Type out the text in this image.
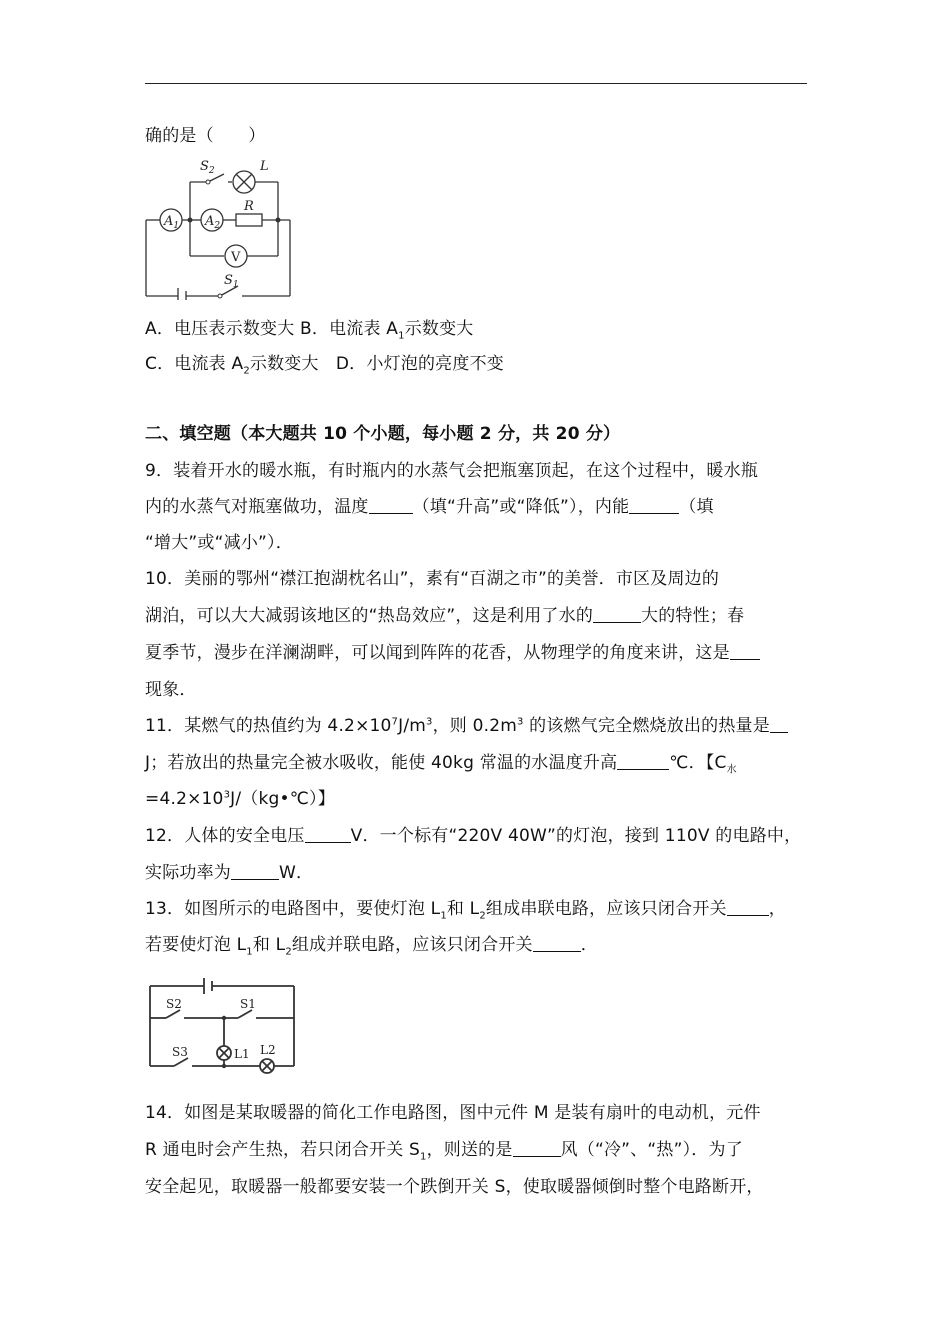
确的是（　　）
$S_2$	L
$A_1$ $A_2$
R
V
$S_1$
A．电压表示数变大 B．电流表 $A_1$示数变大
C．电流表 $A_2$示数变大　D．小灯泡的亮度不变
二、填空题（本大题共 10 个小题，每小题 2 分，共 20 分）
9．装着开水的暖水瓶，有时瓶内的水蒸气会把瓶塞顶起，在这个过程中，暖水瓶
内的水蒸气对瓶塞做功，温度	（填“升高”或“降低”），内能	（填
“增大”或“减小”）．
10．美丽的鄂州“襟江抱湖枕名山”，素有“百湖之市”的美誉．市区及周边的
湖泊，可以大大减弱该地区的“热岛效应”，这是利用了水的	大的特性；春
夏季节，漫步在洋澜湖畔，可以闻到阵阵的花香，从物理学的角度来讲，这是
现象．
11．某燃气的热值约为 $4.2\times 10^7J/m^3$，则 $0.2m^3$ 的该燃气完全燃烧放出的热量是
J；若放出的热量完全被水吸收，能使 40kg 常温的水温度升高	℃．【$C_水$
$=4.2\times 10^3J/(kg•℃)$】
12．人体的安全电压	V．一个标有“220V 40W”的灯泡，接到 110V 的电路中，
实际功率为	W．
13．如图所示的电路图中，要使灯泡 $L_1$和 $L_2$组成串联电路，应该只闭合开关 ，
若要使灯泡 $L_1$和 $L_2$组成并联电路，应该只闭合开关	．
S2	S1
L1
S3	L2
14．如图是某取暖器的简化工作电路图，图中元件 M 是装有扇叶的电动机，元件
R 通电时会产生热，若只闭合开关 $S_1$，则送的是	风（“冷”、“热”）．为了
安全起见，取暖器一般都要安装一个跌倒开关 S，使取暖器倾倒时整个电路断开，
